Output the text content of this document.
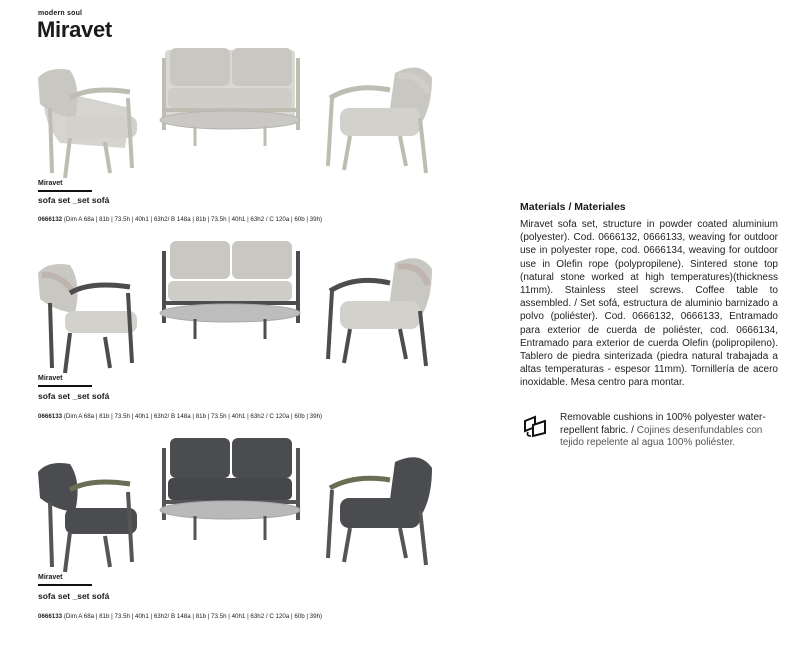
modern soul
Miravet
Miravet
sofa set _set sofá
0666132 (Dim A 68a | 81b | 73.5h | 40h1 | 63h2/ B 148a | 81b | 73.5h | 40h1 | 63h2 / C 120a | 60b | 39h)
Miravet
sofa set _set sofá
0666133 (Dim A 68a | 81b | 73.5h | 40h1 | 63h2/ B 148a | 81b | 73.5h | 40h1 | 63h2 / C 120a | 60b | 39h)
Miravet
sofa set _set sofá
0666133 (Dim A 68a | 81b | 73.5h | 40h1 | 63h2/ B 148a | 81b | 73.5h | 40h1 | 63h2 / C 120a | 60b | 39h)
Materials / Materiales
Miravet sofa set, structure in powder coated aluminium (polyester). Cod. 0666132, 0666133, weaving for outdoor use in polyester rope, cod. 0666134, weaving for outdoor use in Olefin rope (polypropilene). Sintered stone top (natural stone worked at high temperatures)(thickness 11mm). Stainless steel screws. Coffee table to assembled. / Set sofá, estructura de aluminio barnizado a polvo (poliéster). Cod. 0666132, 0666133, Entramado para exterior de cuerda de poliéster, cod. 0666134, Entramado para exterior de cuerda Olefin (polipropileno). Tablero de piedra sinterizada (piedra natural trabajada a altas temperaturas - espesor 11mm). Tornillería de acero inoxidable. Mesa centro para montar.
Removable cushions in 100% polyester water-repellent fabric. / Cojines desenfundables con tejido repelente al agua 100% poliéster.
